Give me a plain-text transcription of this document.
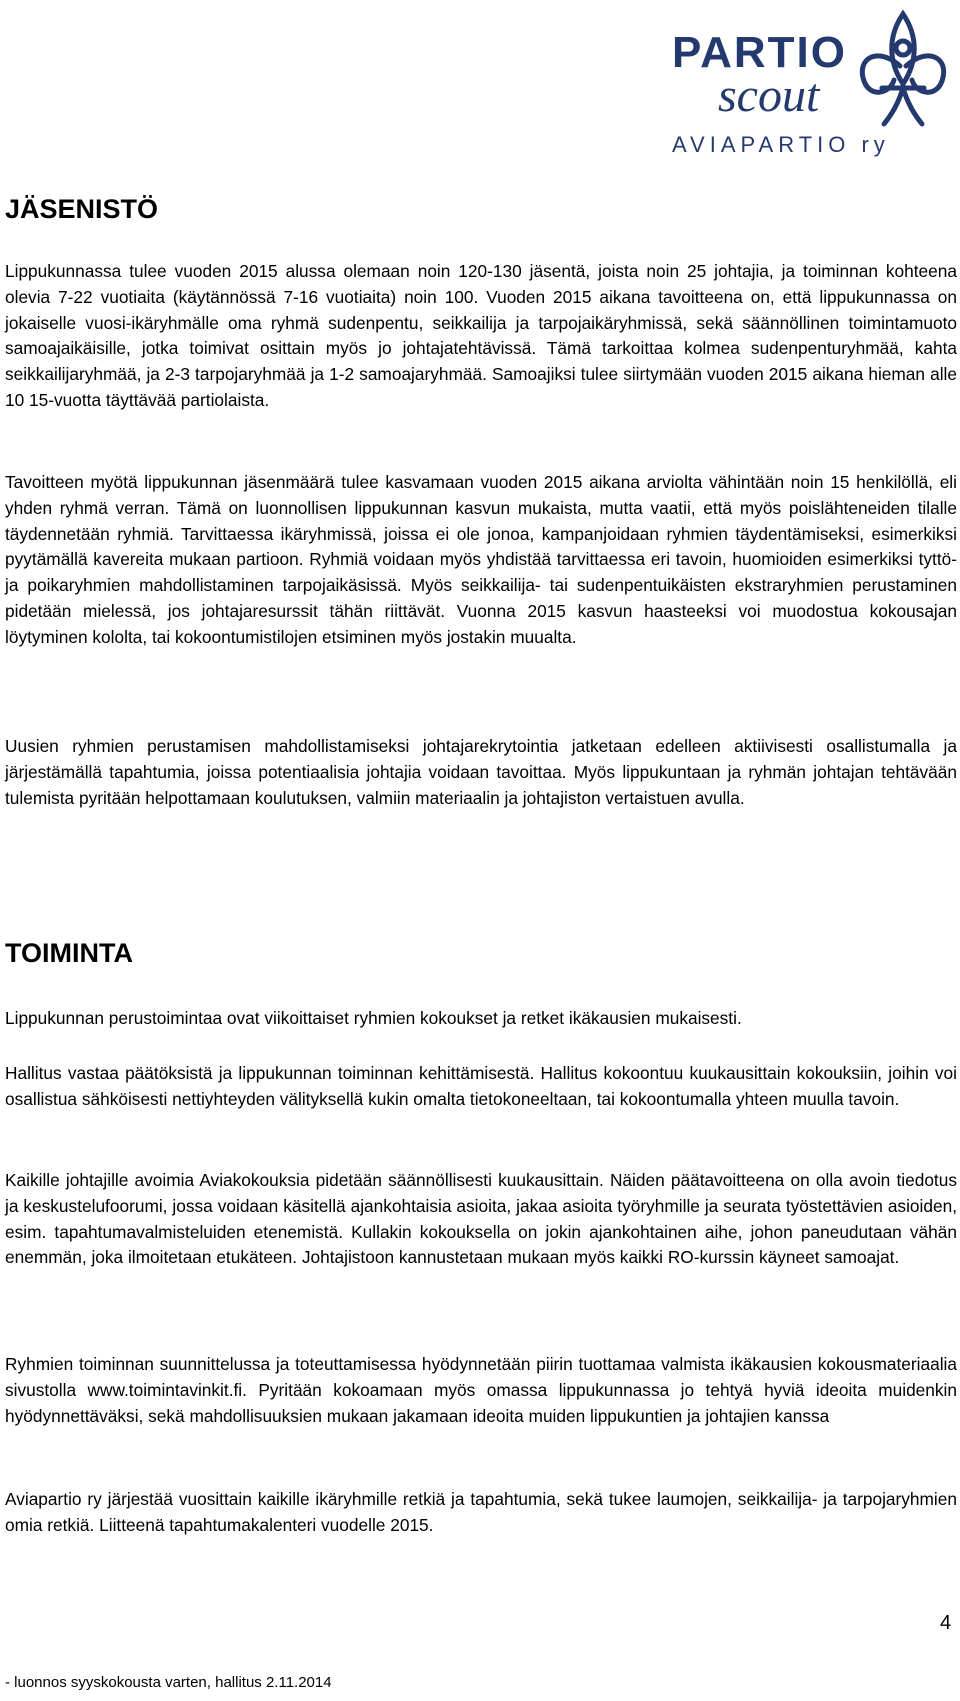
PARTIO
scout
AVIAPARTIO ry
JÄSENISTÖ

Lippukunnassa tulee vuoden 2015 alussa olemaan noin 120-130 jäsentä, joista noin 25 johtajia, ja toiminnan kohteena olevia 7-22 vuotiaita (käytännössä 7-16 vuotiaita) noin 100. Vuoden 2015 aikana tavoitteena on, että lippukunnassa on jokaiselle vuosi-ikäryhmälle oma ryhmä sudenpentu, seikkailija ja tarpojaikäryhmissä, sekä säännöllinen toimintamuoto samoajaikäisille, jotka toimivat osittain myös jo johtajatehtävissä. Tämä tarkoittaa kolmea sudenpenturyhmää, kahta seikkailijaryhmää, ja 2-3 tarpojaryhmää ja 1-2 samoajaryhmää. Samoajiksi tulee siirtymään vuoden 2015 aikana hieman alle 10 15-vuotta täyttävää partiolaista.

Tavoitteen myötä lippukunnan jäsenmäärä tulee kasvamaan vuoden 2015 aikana arviolta vähintään noin 15 henkilöllä, eli yhden ryhmä verran. Tämä on luonnollisen lippukunnan kasvun mukaista, mutta vaatii, että myös poislähteneiden tilalle täydennetään ryhmiä. Tarvittaessa ikäryhmissä, joissa ei ole jonoa, kampanjoidaan ryhmien täydentämiseksi, esimerkiksi pyytämällä kavereita mukaan partioon. Ryhmiä voidaan myös yhdistää tarvittaessa eri tavoin, huomioiden esimerkiksi tyttö- ja poikaryhmien mahdollistaminen tarpojaikäsissä. Myös seikkailija- tai sudenpentuikäisten ekstraryhmien perustaminen pidetään mielessä, jos johtajaresurssit tähän riittävät. Vuonna 2015 kasvun haasteeksi voi muodostua kokousajan löytyminen kololta, tai kokoontumistilojen etsiminen myös jostakin muualta.

Uusien ryhmien perustamisen mahdollistamiseksi johtajarekrytointia jatketaan edelleen aktiivisesti osallistumalla ja järjestämällä tapahtumia, joissa potentiaalisia johtajia voidaan tavoittaa. Myös lippukuntaan ja ryhmän johtajan tehtävään tulemista pyritään helpottamaan koulutuksen, valmiin materiaalin ja johtajiston vertaistuen avulla.

TOIMINTA

Lippukunnan perustoimintaa ovat viikoittaiset ryhmien kokoukset ja retket ikäkausien mukaisesti.

Hallitus vastaa päätöksistä ja lippukunnan toiminnan kehittämisestä. Hallitus kokoontuu kuukausittain kokouksiin, joihin voi osallistua sähköisesti nettiyhteyden välityksellä kukin omalta tietokoneeltaan, tai kokoontumalla yhteen muulla tavoin.

Kaikille johtajille avoimia Aviakokouksia pidetään säännöllisesti kuukausittain. Näiden päätavoitteena on olla avoin tiedotus ja keskustelufoorumi, jossa voidaan käsitellä ajankohtaisia asioita, jakaa asioita työryhmille ja seurata työstettävien asioiden, esim. tapahtumavalmisteluiden etenemistä. Kullakin kokouksella on jokin ajankohtainen aihe, johon paneudutaan vähän enemmän, joka ilmoitetaan etukäteen. Johtajistoon kannustetaan mukaan myös kaikki RO-kurssin käyneet samoajat.

Ryhmien toiminnan suunnittelussa ja toteuttamisessa hyödynnetään piirin tuottamaa valmista ikäkausien kokousmateriaalia sivustolla www.toimintavinkit.fi. Pyritään kokoamaan myös omassa lippukunnassa jo tehtyä hyviä ideoita muidenkin hyödynnettäväksi, sekä mahdollisuuksien mukaan jakamaan ideoita muiden lippukuntien ja johtajien kanssa

Aviapartio ry järjestää vuosittain kaikille ikäryhmille retkiä ja tapahtumia, sekä tukee laumojen, seikkailija- ja tarpojaryhmien omia retkiä. Liitteenä tapahtumakalenteri vuodelle 2015.

4
- luonnos syyskokousta varten, hallitus 2.11.2014
